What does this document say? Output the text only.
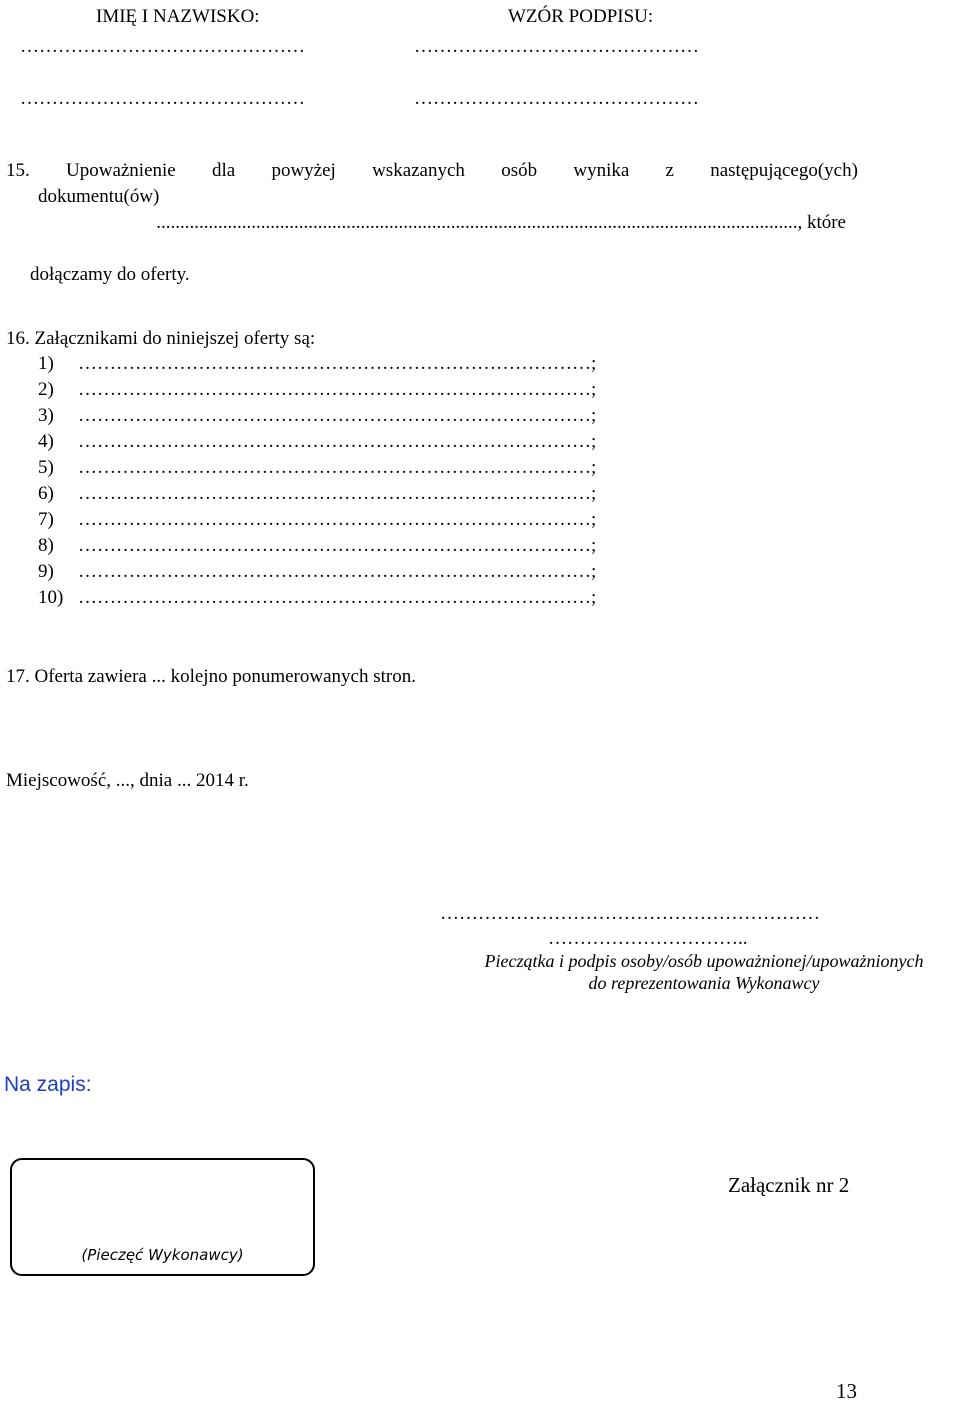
IMIĘ I NAZWISKO:	WZÓR PODPISU:
………………………………………	………………………………………
………………………………………	………………………………………
15. Upoważnienie dla powyżej wskazanych osób wynika z następującego(ych)
dokumentu(ów)
......................................................................................................................................., które
dołączamy do oferty.
16. Załącznikami do niniejszej oferty są:
1) ………………………………………………………………………;
2) ………………………………………………………………………;
3) ………………………………………………………………………;
4) ………………………………………………………………………;
5) ………………………………………………………………………;
6) ………………………………………………………………………;
7) ………………………………………………………………………;
8) ………………………………………………………………………;
9) ………………………………………………………………………;
10) ………………………………………………………………………;
17. Oferta zawiera ... kolejno ponumerowanych stron.
Miejscowość, ..., dnia ... 2014 r.
……………………………………………………
…………………………..
Pieczątka i podpis osoby/osób upoważnionej/upoważnionych
do reprezentowania Wykonawcy
Na zapis:
(Pieczęć Wykonawcy)
Załącznik nr 2
13
